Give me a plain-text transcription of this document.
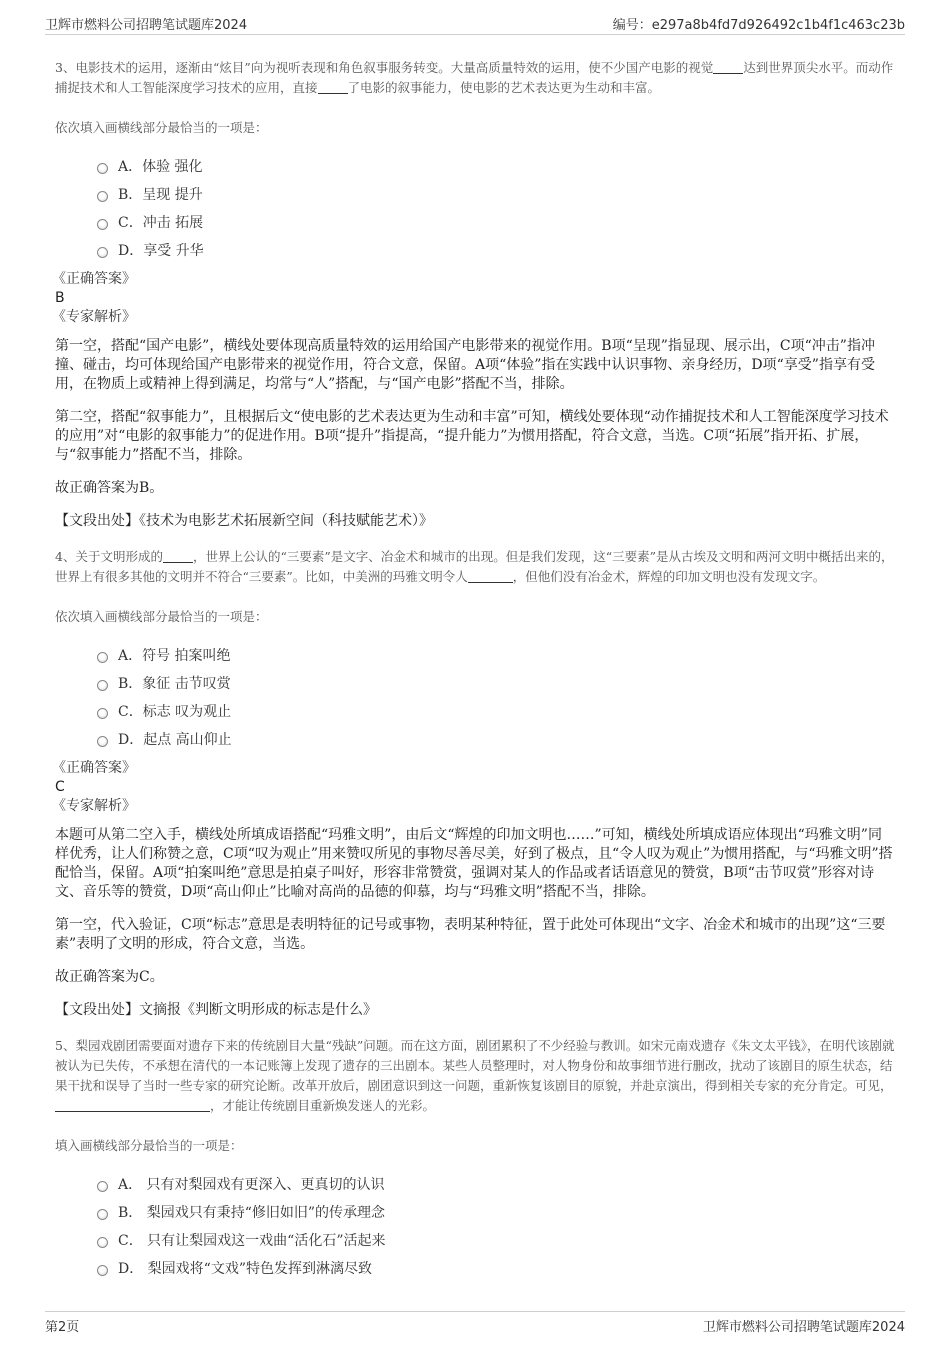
卫辉市燃料公司招聘笔试题库2024	编号：e297a8b4fd7d926492c1b4f1c463c23b

3、电影技术的运用，逐渐由“炫目”向为视听表现和角色叙事服务转变。大量高质量特效的运用，使不少国产电影的视觉 达到世界顶尖水平。而动作捕捉技术和人工智能深度学习技术的应用，直接 了电影的叙事能力，使电影的艺术表达更为生动和丰富。

依次填入画横线部分最恰当的一项是：

A．体验 强化
B．呈现 提升
C．冲击 拓展
D．享受 升华

《正确答案》

B

《专家解析》

第一空，搭配“国产电影”，横线处要体现高质量特效的运用给国产电影带来的视觉作用。B项“呈现”指显现、展示出，C项“冲击”指冲撞、碰击，均可体现给国产电影带来的视觉作用，符合文意，保留。A项“体验”指在实践中认识事物、亲身经历，D项“享受”指享有受用，在物质上或精神上得到满足，均常与“人”搭配，与“国产电影”搭配不当，排除。

第二空，搭配“叙事能力”，且根据后文“使电影的艺术表达更为生动和丰富”可知，横线处要体现“动作捕捉技术和人工智能深度学习技术的应用”对“电影的叙事能力”的促进作用。B项“提升”指提高，“提升能力”为惯用搭配，符合文意，当选。C项“拓展”指开拓、扩展，与“叙事能力”搭配不当，排除。

故正确答案为B。

【文段出处】《技术为电影艺术拓展新空间（科技赋能艺术）》

4、关于文明形成的 ，世界上公认的“三要素”是文字、冶金术和城市的出现。但是我们发现，这“三要素”是从古埃及文明和两河文明中概括出来的，世界上有很多其他的文明并不符合“三要素”。比如，中美洲的玛雅文明令人	，但他们没有冶金术，辉煌的印加文明也没有发现文字。

依次填入画横线部分最恰当的一项是：

A．符号 拍案叫绝
B．象征 击节叹赏
C．标志 叹为观止
D．起点 高山仰止

《正确答案》

C

《专家解析》

本题可从第二空入手，横线处所填成语搭配“玛雅文明”，由后文“辉煌的印加文明也……”可知，横线处所填成语应体现出“玛雅文明”同样优秀，让人们称赞之意，C项“叹为观止”用来赞叹所见的事物尽善尽美，好到了极点，且“令人叹为观止”为惯用搭配，与“玛雅文明”搭配恰当，保留。A项“拍案叫绝”意思是拍桌子叫好，形容非常赞赏，强调对某人的作品或者话语意见的赞赏，B项“击节叹赏”形容对诗文、音乐等的赞赏，D项“高山仰止”比喻对高尚的品德的仰慕，均与“玛雅文明”搭配不当，排除。

第一空，代入验证，C项“标志”意思是表明特征的记号或事物，表明某种特征，置于此处可体现出“文字、冶金术和城市的出现”这“三要素”表明了文明的形成，符合文意，当选。

故正确答案为C。

【文段出处】文摘报《判断文明形成的标志是什么》

5、梨园戏剧团需要面对遗存下来的传统剧目大量“残缺”问题。而在这方面，剧团累积了不少经验与教训。如宋元南戏遗存《朱文太平钱》，在明代该剧就被认为已失传，不承想在清代的一本记账簿上发现了遗存的三出剧本。某些人员整理时，对人物身份和故事细节进行删改，扰动了该剧目的原生状态，结果干扰和误导了当时一些专家的研究论断。改革开放后，剧团意识到这一问题，重新恢复该剧目的原貌，并赴京演出，得到相关专家的充分肯定。可见，，才能让传统剧目重新焕发迷人的光彩。

填入画横线部分最恰当的一项是：

A． 只有对梨园戏有更深入、更真切的认识
B． 梨园戏只有秉持“修旧如旧”的传承理念
C． 只有让梨园戏这一戏曲“活化石”活起来
D． 梨园戏将“文戏”特色发挥到淋漓尽致
第2页	卫辉市燃料公司招聘笔试题库2024
